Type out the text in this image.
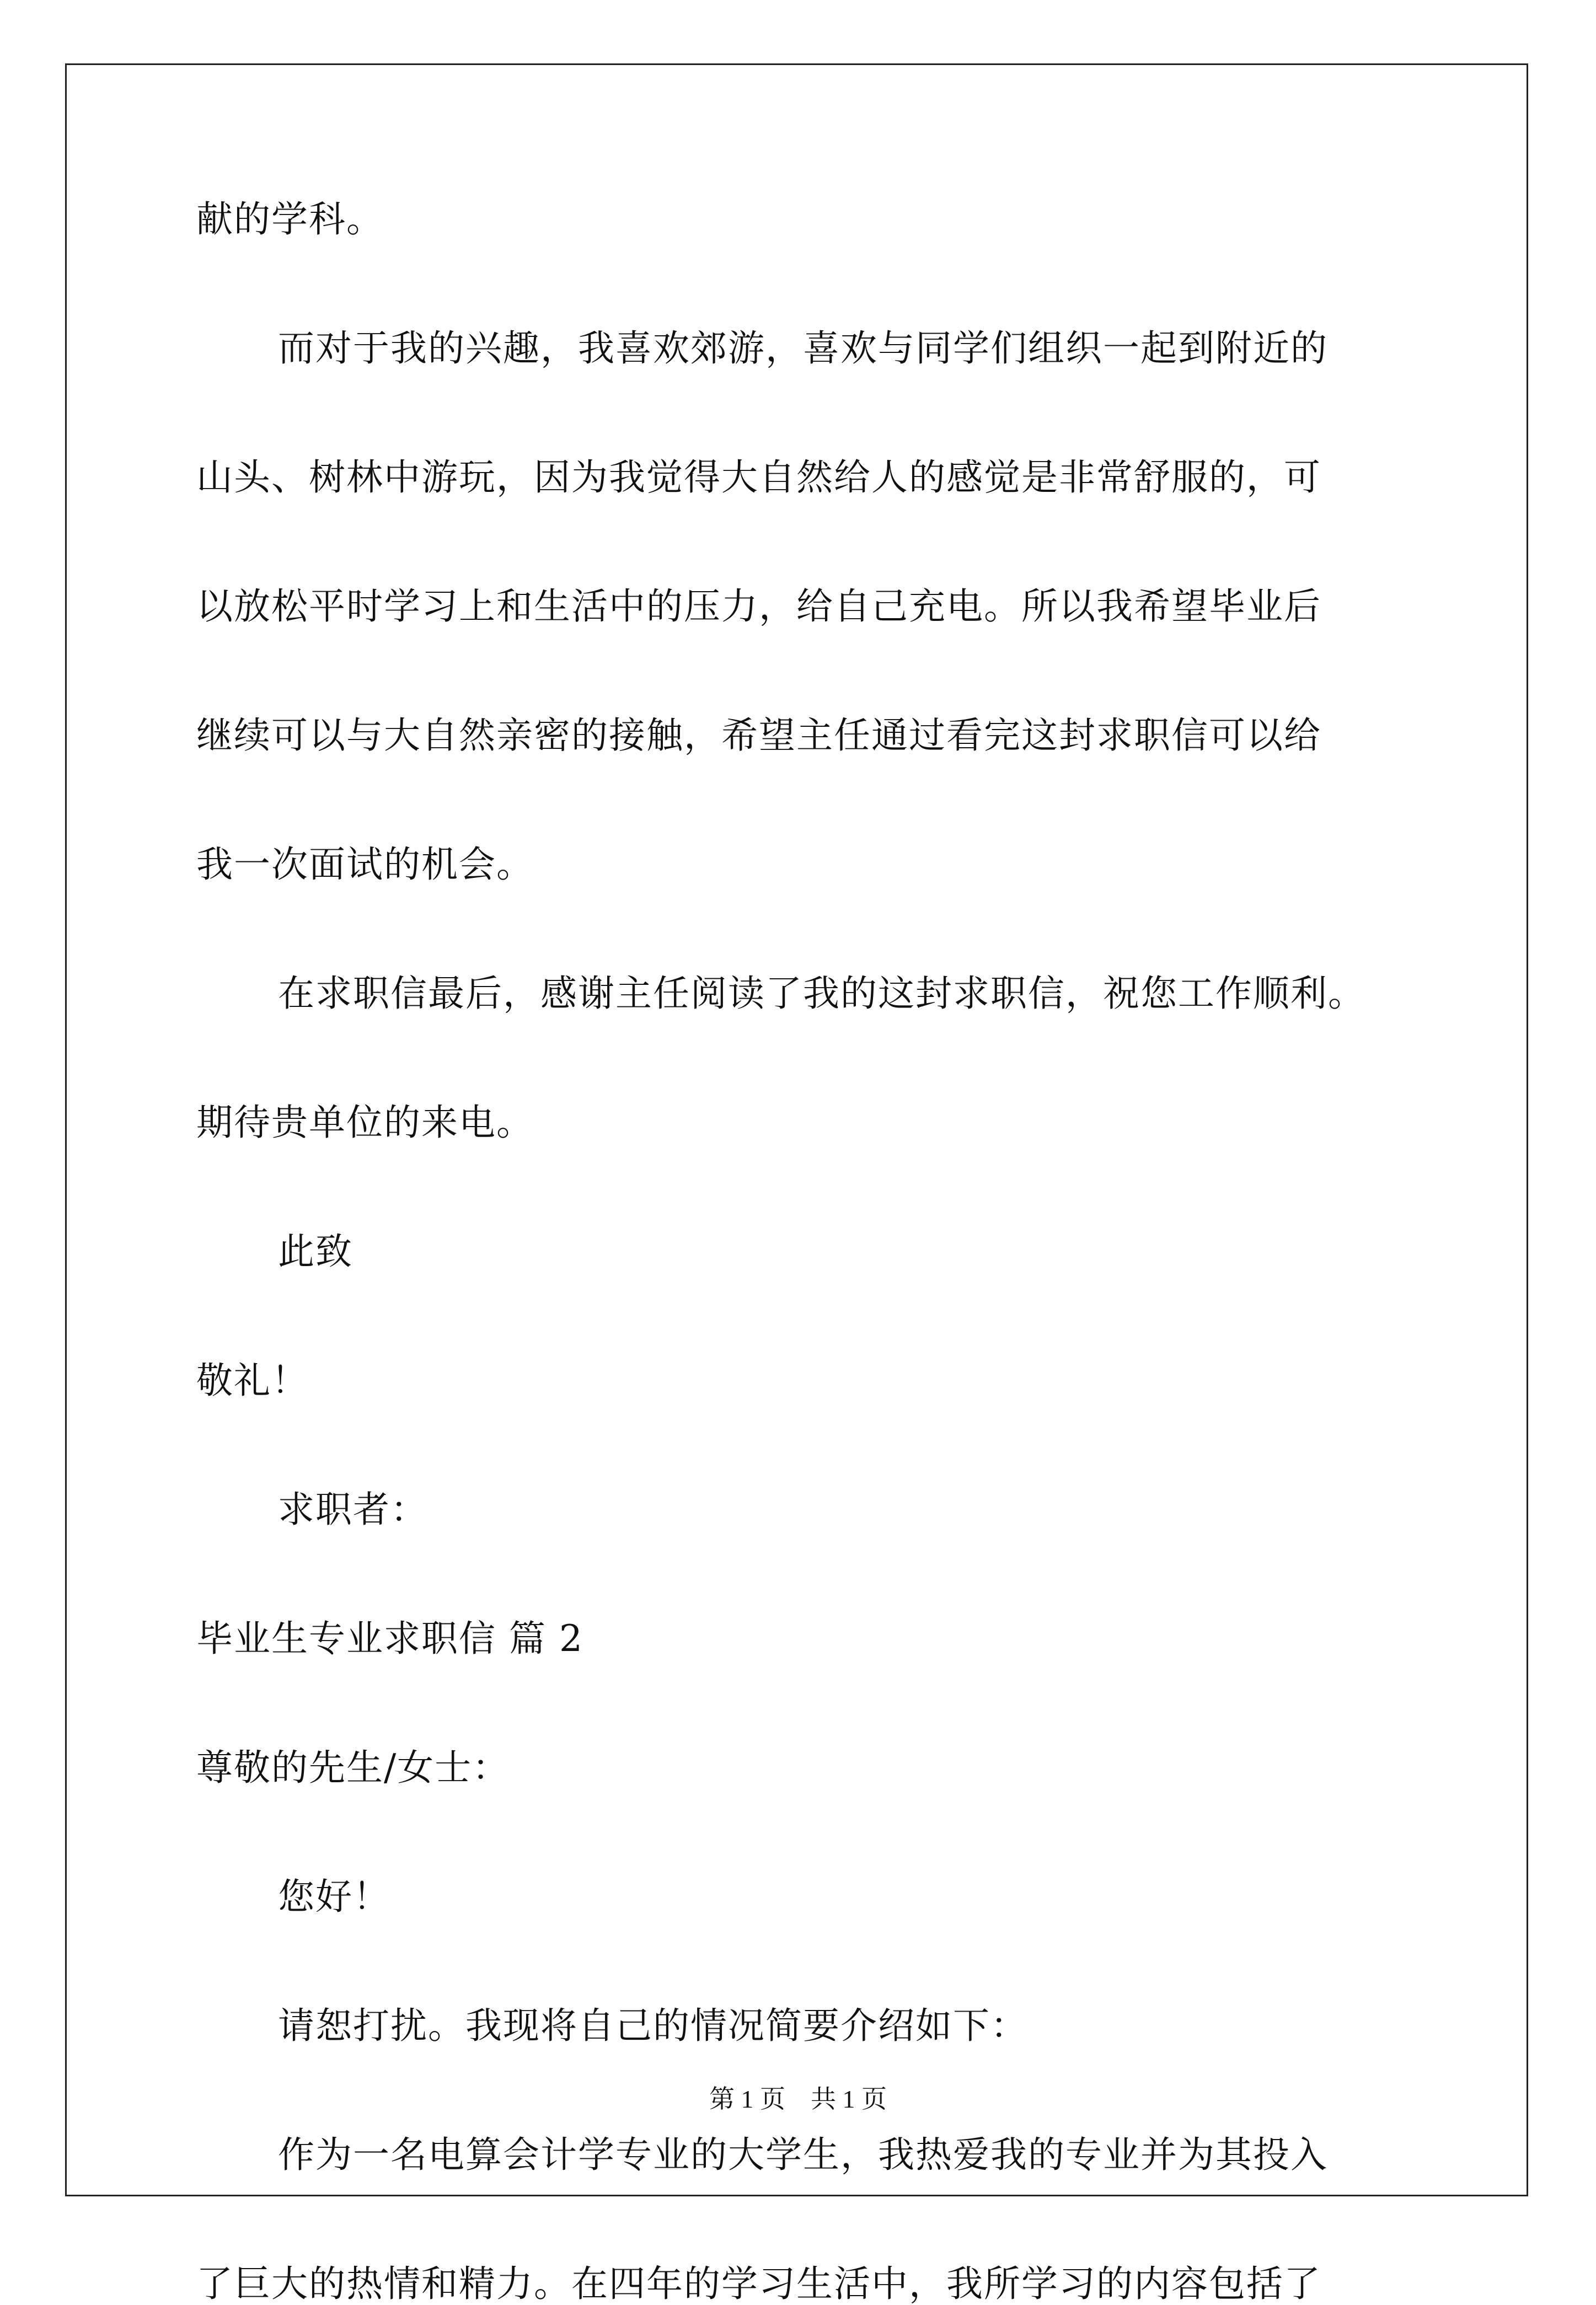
献的学科。
而对于我的兴趣，我喜欢郊游，喜欢与同学们组织一起到附近的
山头、树林中游玩，因为我觉得大自然给人的感觉是非常舒服的，可
以放松平时学习上和生活中的压力，给自己充电。所以我希望毕业后
继续可以与大自然亲密的接触，希望主任通过看完这封求职信可以给
我一次面试的机会。
在求职信最后，感谢主任阅读了我的这封求职信，祝您工作顺利。
期待贵单位的来电。
此致
敬礼！
求职者：
毕业生专业求职信 篇 2
尊敬的先生/女士：
您好！
请恕打扰。我现将自己的情况简要介绍如下：
作为一名电算会计学专业的大学生，我热爱我的专业并为其投入
了巨大的热情和精力。在四年的学习生活中，我所学习的内容包括了
第 1 页　共 1 页
